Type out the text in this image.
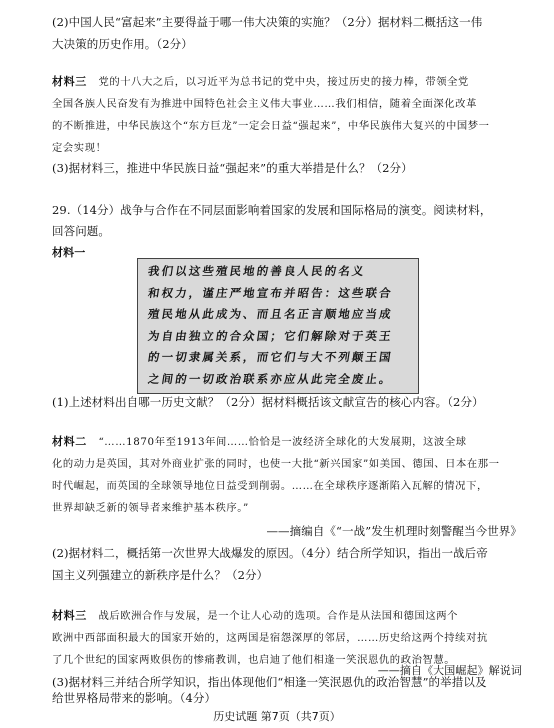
(2)中国人民“富起来”主要得益于哪一伟大决策的实施？（2分）据材料二概括这一伟
大决策的历史作用。（2分）
材料三 党的十八大之后，以习近平为总书记的党中央，接过历史的接力棒，带领全党
全国各族人民奋发有为推进中国特色社会主义伟大事业……我们相信，随着全面深化改革
的不断推进，中华民族这个“东方巨龙”一定会日益“强起来”，中华民族伟大复兴的中国梦一
定会实现！
(3)据材料三，推进中华民族日益“强起来”的重大举措是什么？（2分）
29.（14分）战争与合作在不同层面影响着国家的发展和国际格局的演变。阅读材料，
回答问题。
材料一
我们以这些殖民地的善良人民的名义
和权力，谨庄严地宣布并昭告：这些联合
殖民地从此成为、而且名正言顺地应当成
为自由独立的合众国；它们解除对于英王
的一切隶属关系，而它们与大不列颠王国
之间的一切政治联系亦应从此完全废止。
(1)上述材料出自哪一历史文献？（2分）据材料概括该文献宣告的核心内容。（2分）
材料二 “……1870年至1913年间……恰恰是一波经济全球化的大发展期，这波全球
化的动力是英国，其对外商业扩张的同时，也使一大批“新兴国家”如美国、德国、日本在那一
时代崛起，而英国的全球领导地位日益受到削弱。……在全球秩序逐渐陷入瓦解的情况下，
世界却缺乏新的领导者来维护基本秩序。”
——摘编自《“一战”发生机理时刻警醒当今世界》
(2)据材料二，概括第一次世界大战爆发的原因。（4分）结合所学知识，指出一战后帝
国主义列强建立的新秩序是什么？（2分）
材料三 战后欧洲合作与发展，是一个让人心动的选项。合作是从法国和德国这两个
欧洲中西部面积最大的国家开始的，这两国是宿怨深厚的邻居，……历史给这两个持续对抗
了几个世纪的国家两败俱伤的惨痛教训，也启迪了他们相逢一笑泯恩仇的政治智慧。
(3)据材料三并结合所学知识，指出体现他们“相逢一笑泯恩仇的政治智慧”的举措以及
给世界格局带来的影响。（4分）
——摘自《大国崛起》解说词
历史试题 第7页（共7页）
